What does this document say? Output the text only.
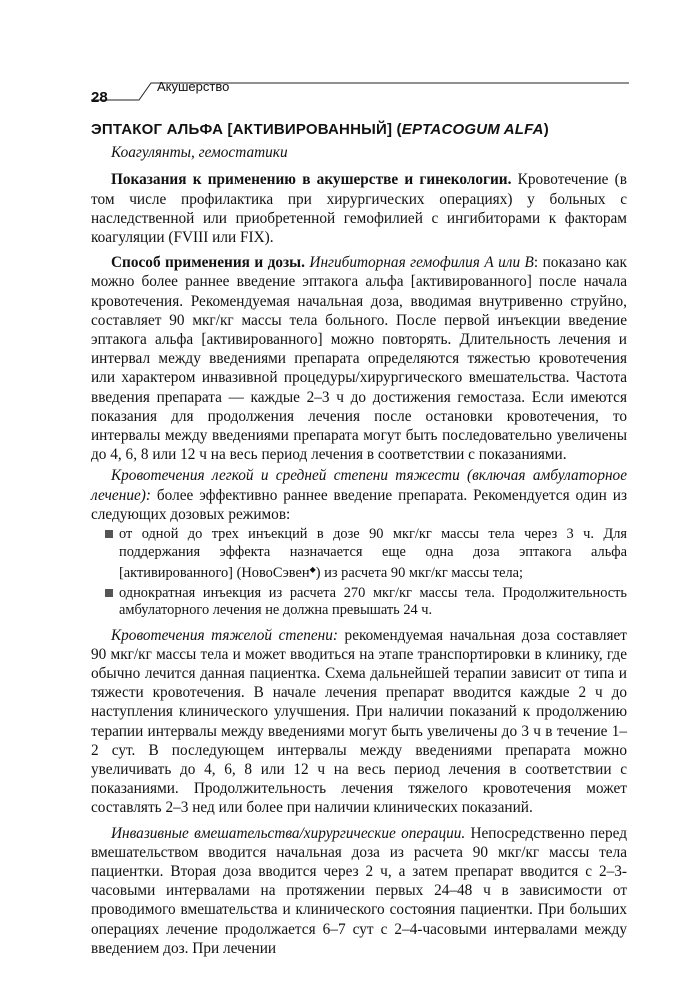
28
Акушерство
ЭПТАКОГ АЛЬФА [АКТИВИРОВАННЫЙ] (EPTACOGUM ALFA)
Коагулянты, гемостатики

Показания к применению в акушерстве и гинекологии. Кровотечение (в том числе профилактика при хирургических операциях) у больных с наследственной или приобретенной гемофилией с ингибиторами к факторам коагуляции (FVIII или FIX).

Способ применения и дозы. Ингибиторная гемофилия А или В: показано как можно более раннее введение эптакога альфа [активированного] после начала кровотечения. Рекомендуемая начальная доза, вводимая внутривенно струйно, составляет 90 мкг/кг массы тела больного. После первой инъекции введение эптакога альфа [активированного] можно повторять. Длительность лечения и интервал между введениями препарата определяются тяжестью кровотечения или характером инвазивной процедуры/хирургического вмешательства. Частота введения препарата — каждые 2–3 ч до достижения гемостаза. Если имеются показания для продолжения лечения после остановки кровотечения, то интервалы между введениями препарата могут быть последовательно увеличены до 4, 6, 8 или 12 ч на весь период лечения в соответствии с показаниями.

Кровотечения легкой и средней степени тяжести (включая амбулаторное лечение): более эффективно раннее введение препарата. Рекомендуется один из следующих дозовых режимов:

от одной до трех инъекций в дозе 90 мкг/кг массы тела через 3 ч. Для поддержания эффекта назначается еще одна доза эптакога альфа [активированного] (НовоСэвен◆) из расчета 90 мкг/кг массы тела;
однократная инъекция из расчета 270 мкг/кг массы тела. Продолжительность амбулаторного лечения не должна превышать 24 ч.

Кровотечения тяжелой степени: рекомендуемая начальная доза составляет 90 мкг/кг массы тела и может вводиться на этапе транспортировки в клинику, где обычно лечится данная пациентка. Схема дальнейшей терапии зависит от типа и тяжести кровотечения. В начале лечения препарат вводится каждые 2 ч до наступления клинического улучшения. При наличии показаний к продолжению терапии интервалы между введениями могут быть увеличены до 3 ч в течение 1–2 сут. В последующем интервалы между введениями препарата можно увеличивать до 4, 6, 8 или 12 ч на весь период лечения в соответствии с показаниями. Продолжительность лечения тяжелого кровотечения может составлять 2–3 нед или более при наличии клинических показаний.

Инвазивные вмешательства/хирургические операции. Непосредственно перед вмешательством вводится начальная доза из расчета 90 мкг/кг массы тела пациентки. Вторая доза вводится через 2 ч, а затем препарат вводится с 2–3-часовыми интервалами на протяжении первых 24–48 ч в зависимости от проводимого вмешательства и клинического состояния пациентки. При больших операциях лечение продолжается 6–7 сут с 2–4-часовыми интервалами между введением доз. При лечении
